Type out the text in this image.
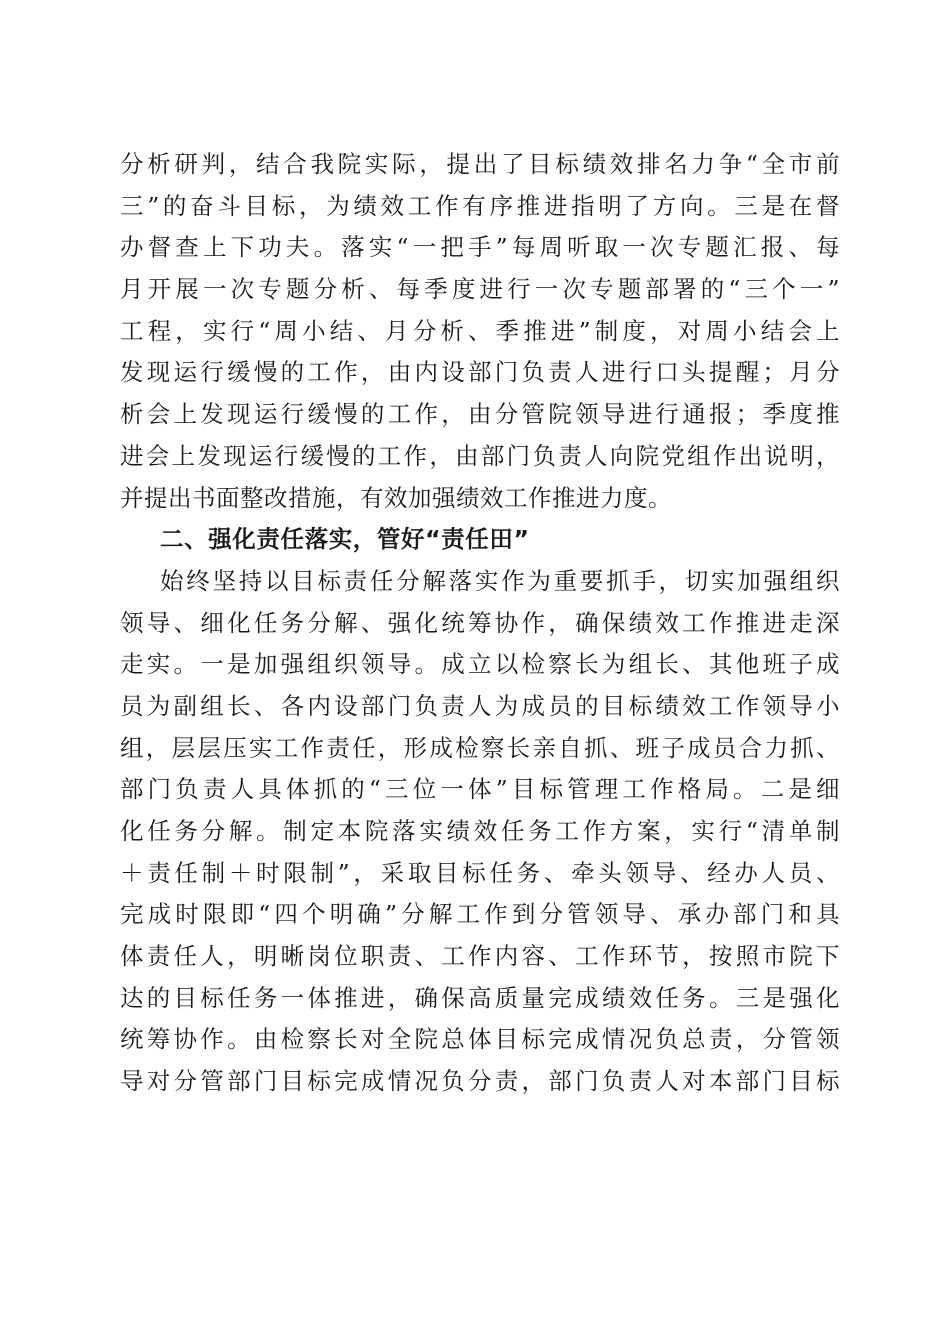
分析研判，结合我院实际，提出了目标绩效排名力争“全市前
三”的奋斗目标，为绩效工作有序推进指明了方向。三是在督
办督查上下功夫。落实“一把手”每周听取一次专题汇报、每
月开展一次专题分析、每季度进行一次专题部署的“三个一”
工程，实行“周小结、月分析、季推进”制度，对周小结会上
发现运行缓慢的工作，由内设部门负责人进行口头提醒；月分
析会上发现运行缓慢的工作，由分管院领导进行通报；季度推
进会上发现运行缓慢的工作，由部门负责人向院党组作出说明，
并提出书面整改措施，有效加强绩效工作推进力度。
二、强化责任落实，管好“责任田”
始终坚持以目标责任分解落实作为重要抓手，切实加强组织
领导、细化任务分解、强化统筹协作，确保绩效工作推进走深
走实。一是加强组织领导。成立以检察长为组长、其他班子成
员为副组长、各内设部门负责人为成员的目标绩效工作领导小
组，层层压实工作责任，形成检察长亲自抓、班子成员合力抓、
部门负责人具体抓的“三位一体”目标管理工作格局。二是细
化任务分解。制定本院落实绩效任务工作方案，实行“清单制
＋责任制＋时限制”，采取目标任务、牵头领导、经办人员、
完成时限即“四个明确”分解工作到分管领导、承办部门和具
体责任人，明晰岗位职责、工作内容、工作环节，按照市院下
达的目标任务一体推进，确保高质量完成绩效任务。三是强化
统筹协作。由检察长对全院总体目标完成情况负总责，分管领
导对分管部门目标完成情况负分责，部门负责人对本部门目标
